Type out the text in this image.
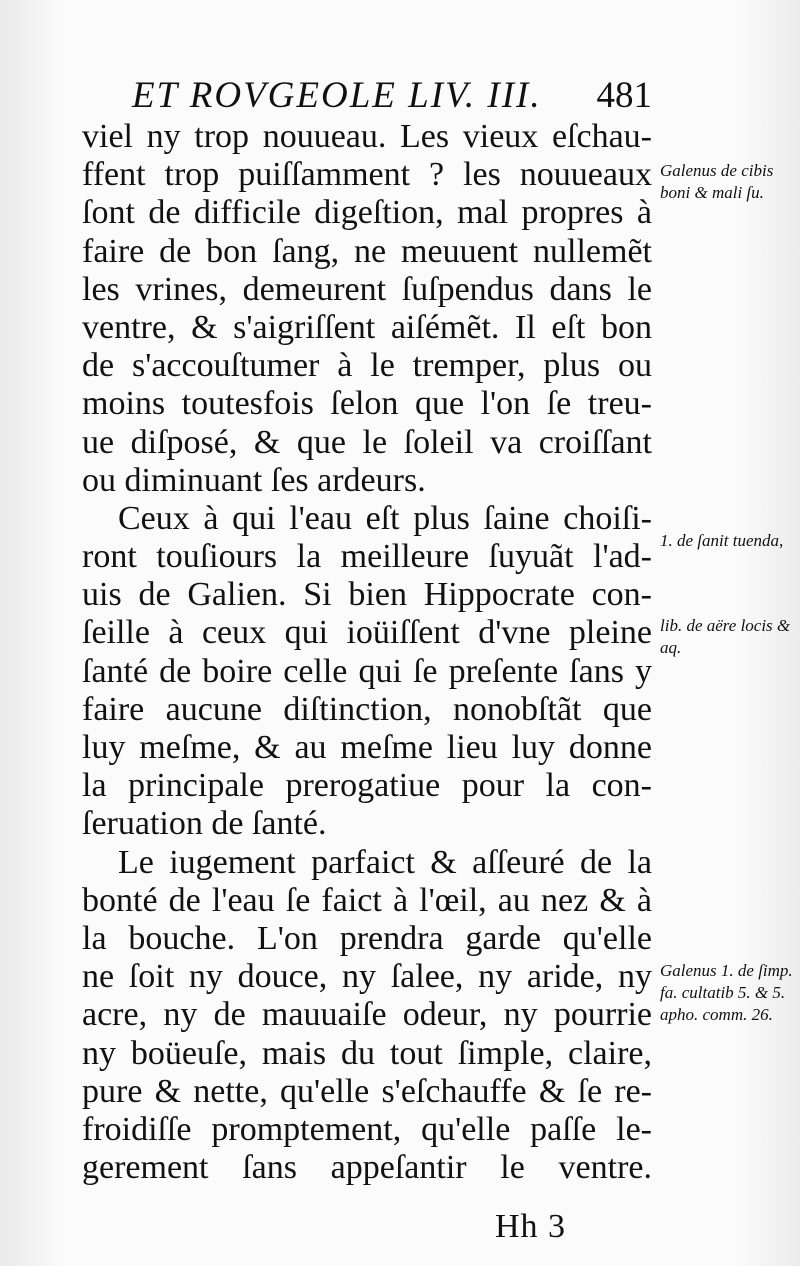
ET ROVGEOLE LIV. III. 481
viel ny trop nouueau. Les vieux eſchau-
ffent trop puiſſamment ? les nouueaux
ſont de difficile digeſtion, mal propres à
faire de bon ſang, ne meuuent nullemẽt
les vrines, demeurent ſuſpendus dans le
ventre, & s'aigriſſent aiſémẽt. Il eſt bon
de s'accouſtumer à le tremper, plus ou
moins toutesfois ſelon que l'on ſe treu-
ue diſposé, & que le ſoleil va croiſſant
ou diminuant ſes ardeurs.
Ceux à qui l'eau eſt plus ſaine choiſi-
ront touſiours la meilleure ſuyuãt l'ad-
uis de Galien. Si bien Hippocrate con-
ſeille à ceux qui ioüiſſent d'vne pleine
ſanté de boire celle qui ſe preſente ſans y
faire aucune diſtinction, nonobſtãt que
luy meſme, & au meſme lieu luy donne
la principale prerogatiue pour la con-
ſeruation de ſanté.
Le iugement parfaict & aſſeuré de la
bonté de l'eau ſe faict à l'œil, au nez & à
la bouche. L'on prendra garde qu'elle
ne ſoit ny douce, ny ſalee, ny aride, ny
acre, ny de mauuaiſe odeur, ny pourrie
ny boüeuſe, mais du tout ſimple, claire,
pure & nette, qu'elle s'eſchauffe & ſe re-
froidiſſe promptement, qu'elle paſſe le-
gerement ſans appeſantir le ventre.
Galenus de cibis boni & mali ſu.
1. de ſanit tuenda,
lib. de aëre locis & aq.
Galenus 1. de ſimp. fa. cultatib 5. & 5. apho. comm. 26.
Hh 3
